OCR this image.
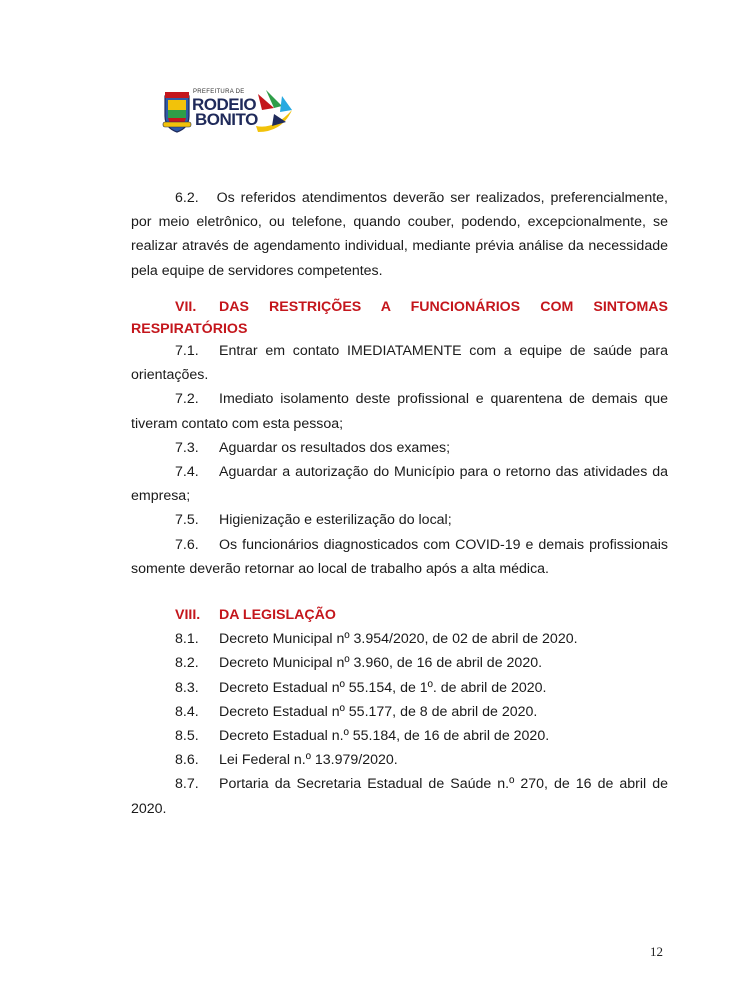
PREFEITURA DE
RODEIO
BONITO

6.2. Os referidos atendimentos deverão ser realizados, preferencialmente, por meio eletrônico, ou telefone, quando couber, podendo, excepcionalmente, se realizar através de agendamento individual, mediante prévia análise da necessidade pela equipe de servidores competentes.

VII. DAS RESTRIÇÕES A FUNCIONÁRIOS COM SINTOMAS
RESPIRATÓRIOS

7.1. Entrar em contato IMEDIATAMENTE com a equipe de saúde para orientações.

7.2. Imediato isolamento deste profissional e quarentena de demais que tiveram contato com esta pessoa;

7.3. Aguardar os resultados dos exames;

7.4. Aguardar a autorização do Município para o retorno das atividades da empresa;

7.5. Higienização e esterilização do local;

7.6. Os funcionários diagnosticados com COVID-19 e demais profissionais somente deverão retornar ao local de trabalho após a alta médica.

VIII. DA LEGISLAÇÃO

8.1. Decreto Municipal nº 3.954/2020, de 02 de abril de 2020.

8.2. Decreto Municipal nº 3.960, de 16 de abril de 2020.

8.3. Decreto Estadual nº 55.154, de 1º. de abril de 2020.

8.4. Decreto Estadual nº 55.177, de 8 de abril de 2020.

8.5. Decreto Estadual n.º 55.184, de 16 de abril de 2020.

8.6. Lei Federal n.º 13.979/2020.

8.7. Portaria da Secretaria Estadual de Saúde n.º 270, de 16 de abril de 2020.

12
